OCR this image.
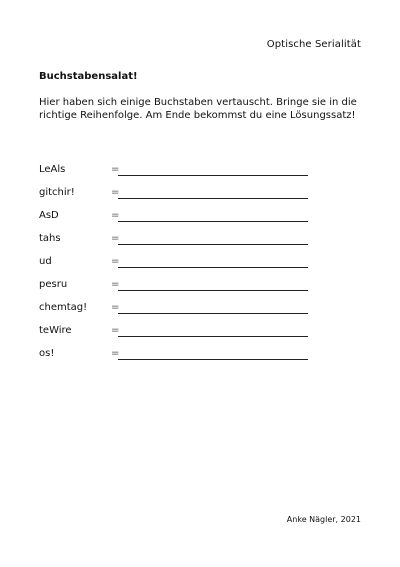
Optische Serialität
Buchstabensalat!
Hier haben sich einige Buchstaben vertauscht. Bringe sie in die richtige Reihenfolge. Am Ende bekommst du eine Lösungssatz!
LeAls	=
gitchir!	=
AsD	=
tahs	=
ud	=
pesru	=
chemtag! =
teWire	=
os!	=
Anke Nägler, 2021
